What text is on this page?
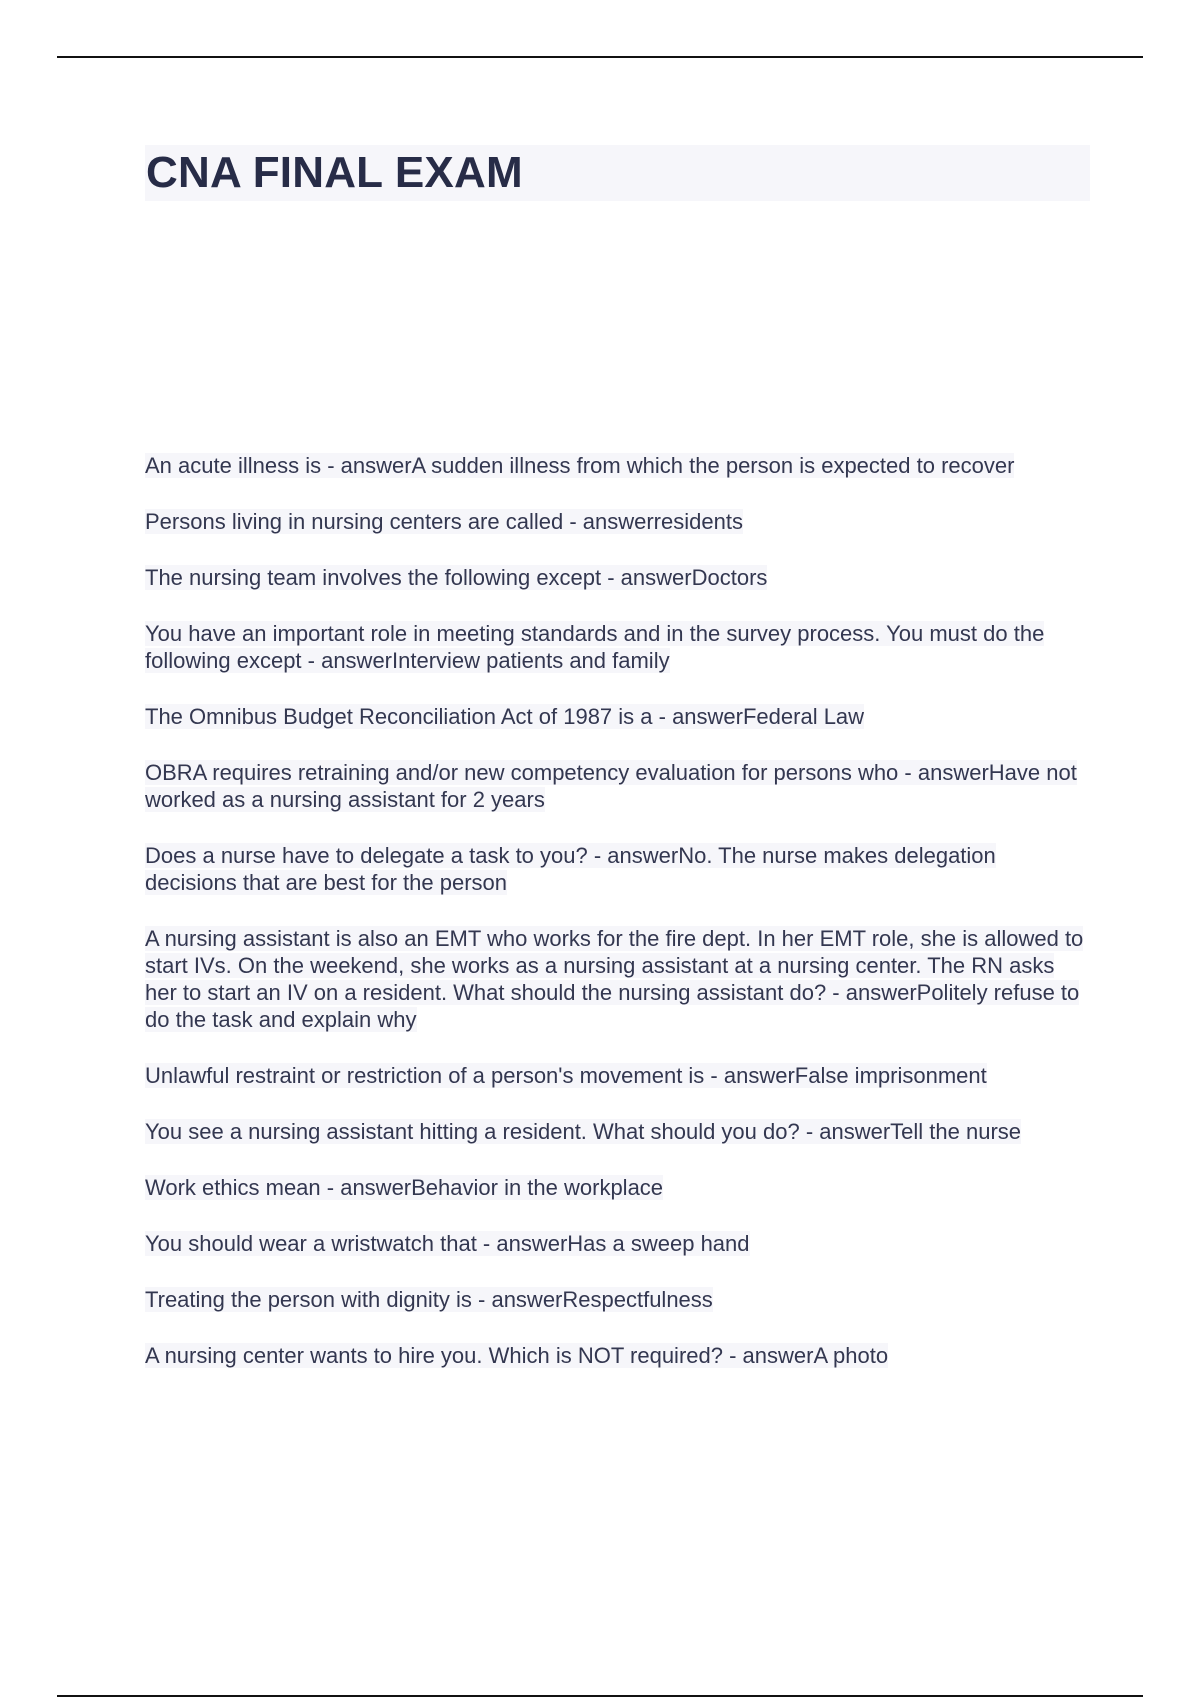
CNA FINAL EXAM
An acute illness is - answerA sudden illness from which the person is expected to recover
Persons living in nursing centers are called - answerresidents
The nursing team involves the following except - answerDoctors
You have an important role in meeting standards and in the survey process. You must do the following except - answerInterview patients and family
The Omnibus Budget Reconciliation Act of 1987 is a - answerFederal Law
OBRA requires retraining and/or new competency evaluation for persons who - answerHave not worked as a nursing assistant for 2 years
Does a nurse have to delegate a task to you? - answerNo. The nurse makes delegation decisions that are best for the person
A nursing assistant is also an EMT who works for the fire dept. In her EMT role, she is allowed to start IVs. On the weekend, she works as a nursing assistant at a nursing center. The RN asks her to start an IV on a resident. What should the nursing assistant do? - answerPolitely refuse to do the task and explain why
Unlawful restraint or restriction of a person's movement is - answerFalse imprisonment
You see a nursing assistant hitting a resident. What should you do? - answerTell the nurse
Work ethics mean - answerBehavior in the workplace
You should wear a wristwatch that - answerHas a sweep hand
Treating the person with dignity is - answerRespectfulness
A nursing center wants to hire you. Which is NOT required? - answerA photo
